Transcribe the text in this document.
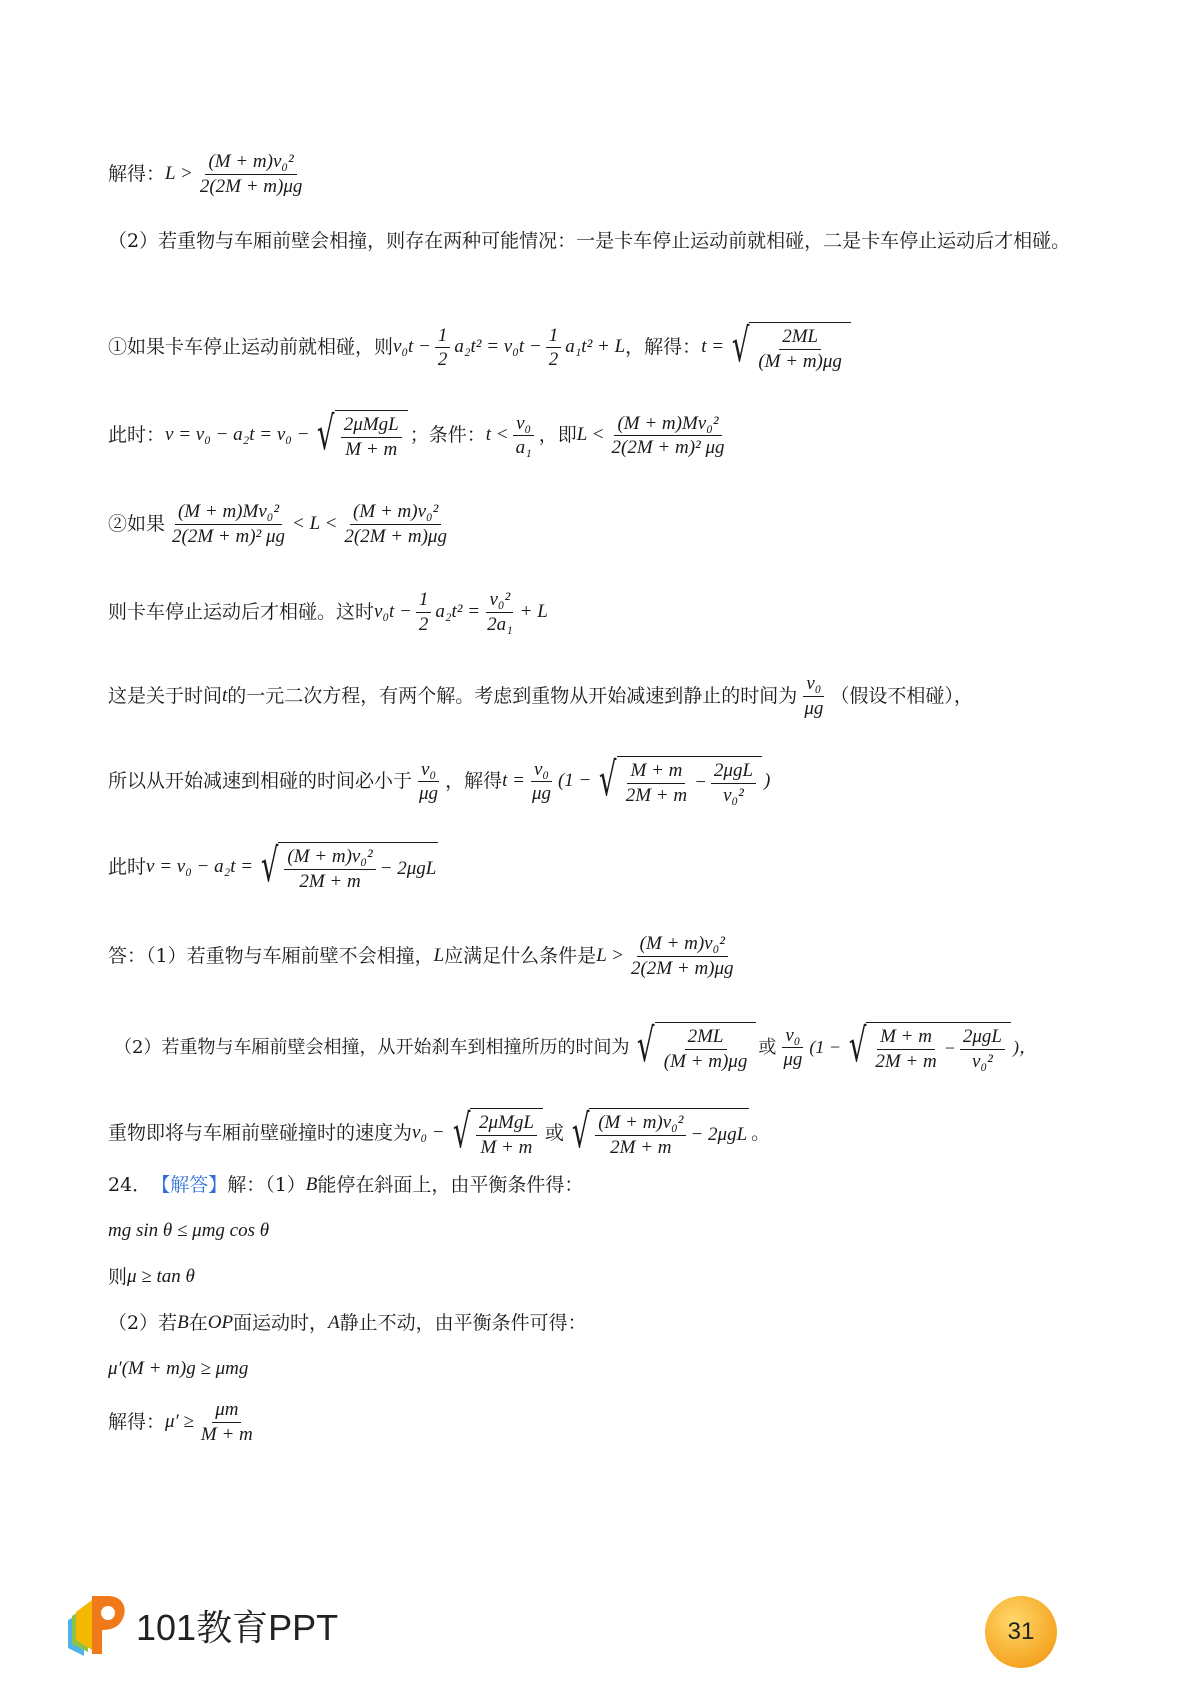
解得： $L > \frac{\text{(M + m)v₀²}}{2(2M + m)\mu g}$
（2）若重物与车厢前壁会相撞，则存在两种可能情况：一是卡车停止运动前就相碰，二是卡车停止运动后才相碰。
①如果卡车停止运动前就相碰，则 $v_0t - \frac{1}{2} a_2t^2 = v_0t - \frac{1}{2} a_1t^2 + L$ ，解得： t = √ $\frac{2ML}{(M + m)\mu g}$
此时： v = v₀ − a₂t = v₀ − √ $\frac{\text{2μMgL}}{M + m}$ ；条件： $t < \frac{\text{v₀}}{\text{a₁}}$ ，即 $L < \frac{\text{(M + m)Mv₀²}}{\text{2(2M + m)² μg}}$
②如果 $\frac{\text{(M + m)Mv₀²}}{\text{2(2M + m)² μg}} < L < \frac{\text{(M + m)v₀²}}{2(2M + m)\mu g}$
则卡车停止运动后才相碰。这时 $v_0t - \frac{1}{2} a_2t^2 = \frac{\text{v₀²}}{\text{2a₁}} + L$
这是关于时间 t 的一元二次方程，有两个解。考虑到重物从开始减速到静止的时间为 $\frac{\text{v₀}}{\mu g}$ （假设不相碰），
所以从开始减速到相碰的时间必小于 $\frac{\text{v₀}}{\mu g}$ ，解得 $t = \frac{\text{v₀}}{\mu g} (1$ − √ $\frac{M + m}{2M + m} - \frac{\text{2μgL}}{\text{v₀²}}$ )
此时 v = v₀ − a₂t = √ $\frac{\text{(M + m)v₀²}}{2M + m} - 2\mu gL$
答：（1）若重物与车厢前壁不会相撞， L 应满足什么条件是 $L > \frac{\text{(M + m)v₀²}}{2(2M + m)\mu g}$
（2）若重物与车厢前壁会相撞，从开始刹车到相撞所历的时间为 √ $\frac{2ML}{(M + m)\mu g}$ 或 $\frac{\text{v₀}}{\mu g} (1$ − √ $\frac{M + m}{2M + m} - \frac{\text{2μgL}}{\text{v₀²}}$ )，
重物即将与车厢前壁碰撞时的速度为 v₀ − √ $\frac{\text{2μMgL}}{M + m}$ 或 √ $\frac{\text{(M + m)v₀²}}{2M + m} - 2\mu gL$ 。
24． 【解答】 解：（1） B 能停在斜面上，由平衡条件得：
mg sin θ ≤ μmg cos θ
则 μ ≥ tan θ
（2）若 B 在 OP 面运动时， A 静止不动，由平衡条件可得：
μ′(M + m)g ≥ μmg
解得： $\mu' \ge \frac{\mu m}{M + m}$
101教育PPT	31
